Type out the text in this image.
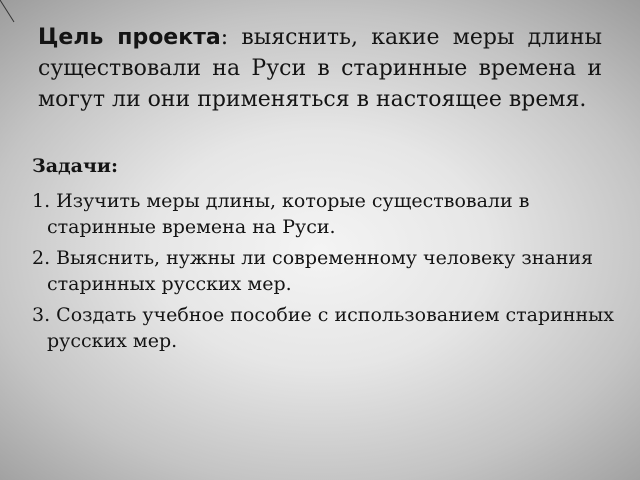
Цель проекта: выяснить, какие меры длины существовали на Руси в старинные времена и могут ли они применяться в настоящее время.

Задачи:

1. Изучить меры длины, которые существовали в старинные времена на Руси.
2. Выяснить, нужны ли современному человеку знания старинных русских мер.
3. Создать учебное пособие с использованием старинных русских мер.
